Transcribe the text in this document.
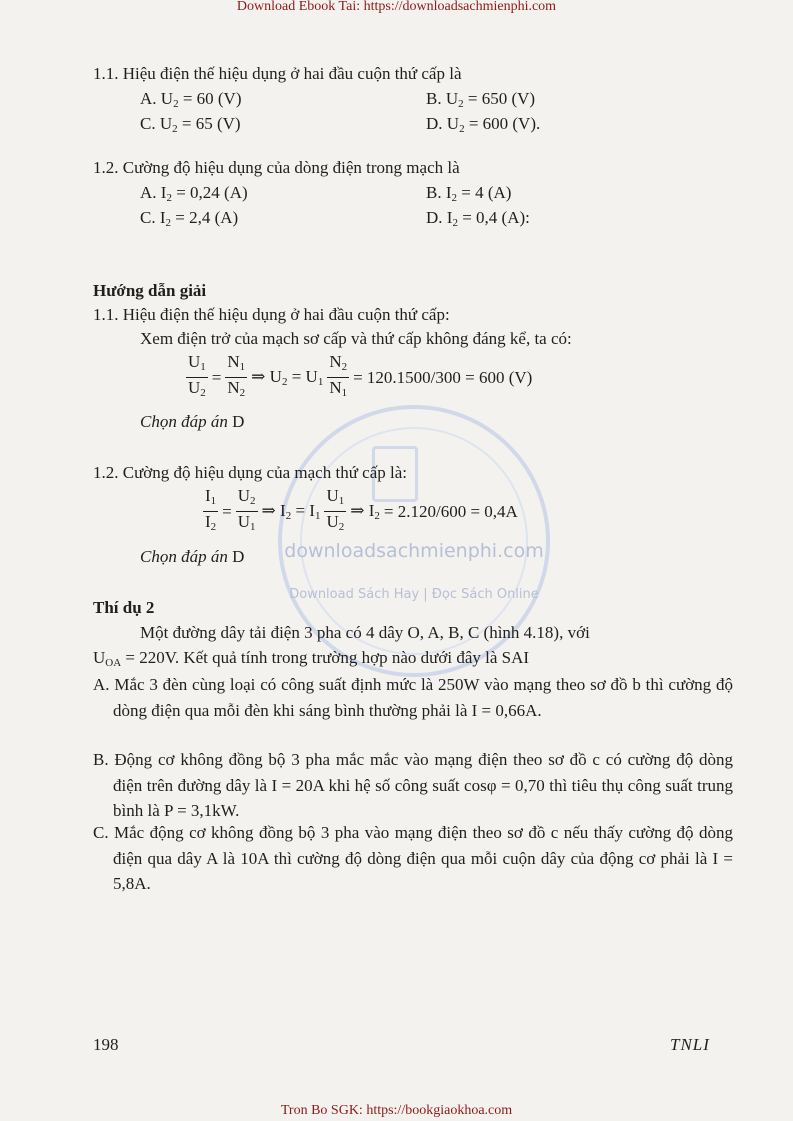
Download Ebook Tai: https://downloadsachmienphi.com
Tron Bo SGK: https://bookgiaokhoa.com
downloadsachmienphi.com
Download Sách Hay | Đọc Sách Online
1.1. Hiệu điện thế hiệu dụng ở hai đầu cuộn thứ cấp là
A. $U_2 = 60$ (V)	B. $U_2 = 650$ (V)
C. $U_2 = 65$ (V)	D. $U_2 = 600$ (V).
1.2. Cường độ hiệu dụng của dòng điện trong mạch là
A. $I_2 = 0,24$ (A)	B. $I_2 = 4$ (A)
C. $I_2 = 2,4$ (A)	D. $I_2 = 0,4$ (A):
Hướng dẫn giải
1.1. Hiệu điện thế hiệu dụng ở hai đầu cuộn thứ cấp:
Xem điện trở của mạch sơ cấp và thứ cấp không đáng kể, ta có:
$\frac{U_1}{U_2} = \frac{N_1}{N_2}$ ⇒ $U_2 = U_1 \frac{N_2}{N_1} = 120.1500/300 = 600$ (V)
Chọn đáp án D
1.2. Cường độ hiệu dụng của mạch thứ cấp là:
$\frac{I_1}{I_2} = \frac{U_2}{U_1}$ ⇒ $I_2 = I_1 \frac{U_1}{U_2}$ ⇒ $I_2 = 2.120/600 = 0,4A$
Chọn đáp án D
Thí dụ 2
Một đường dây tải điện 3 pha có 4 dây O, A, B, C (hình 4.18), với
$U_{OA} = 220V$. Kết quả tính trong trường hợp nào dưới đây là SAI
A. Mắc 3 đèn cùng loại có công suất định mức là 250W vào mạng theo sơ đồ b thì cường độ dòng điện qua mỗi đèn khi sáng bình thường phải là I = 0,66A.
B. Động cơ không đồng bộ 3 pha mắc mắc vào mạng điện theo sơ đồ c có cường độ dòng điện trên đường dây là I = 20A khi hệ số công suất cosφ = 0,70 thì tiêu thụ công suất trung bình là P = 3,1kW.
C. Mắc động cơ không đồng bộ 3 pha vào mạng điện theo sơ đồ c nếu thấy cường độ dòng điện qua dây A là 10A thì cường độ dòng điện qua mỗi cuộn dây của động cơ phải là I = 5,8A.
198	TNLI
